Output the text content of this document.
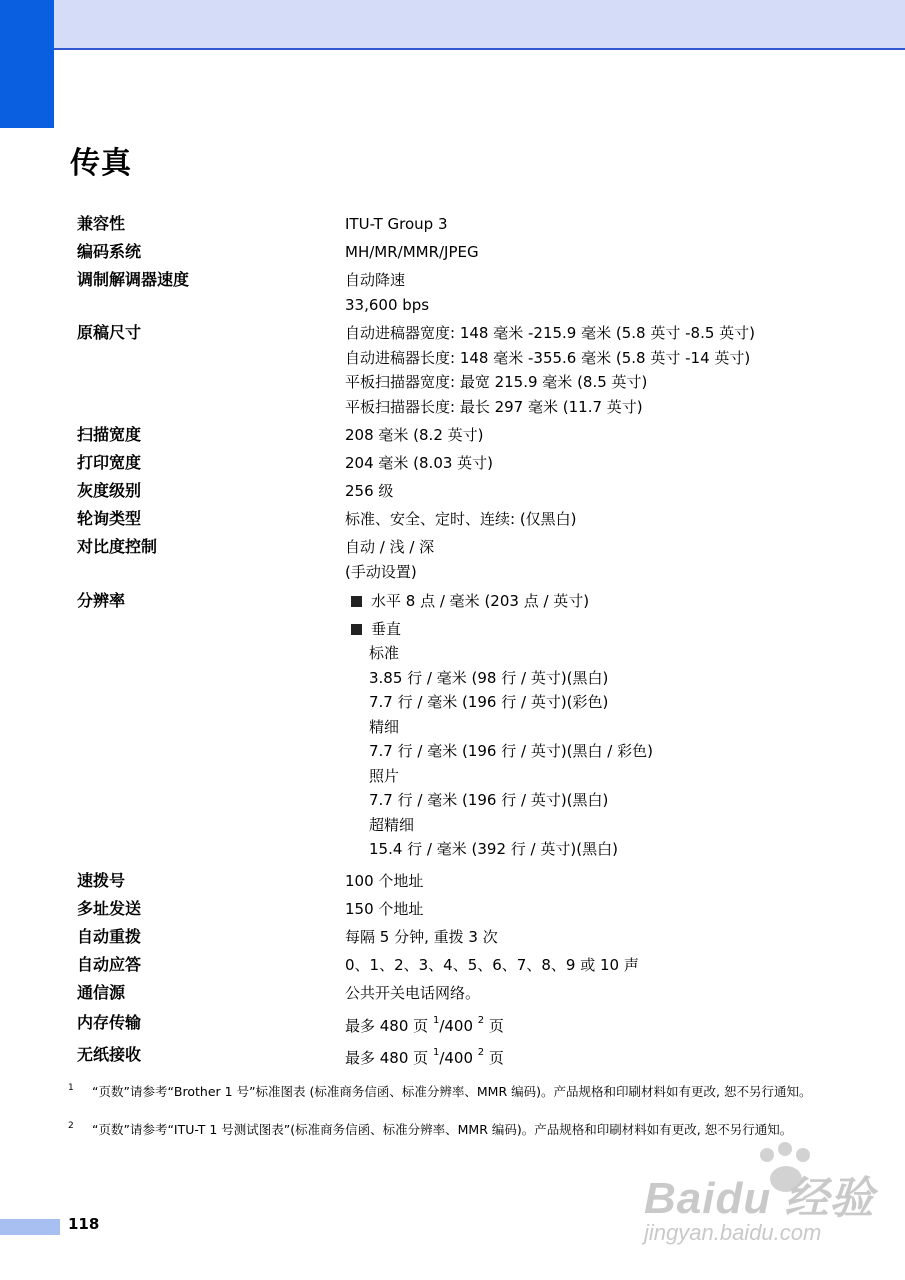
传真
兼容性	ITU-T Group 3
编码系统	MH/MR/MMR/JPEG
调制解调器速度	自动降速
33,600 bps
原稿尺寸	自动进稿器宽度: 148 毫米 -215.9 毫米 (5.8 英寸 -8.5 英寸)
自动进稿器长度: 148 毫米 -355.6 毫米 (5.8 英寸 -14 英寸)
平板扫描器宽度: 最宽 215.9 毫米 (8.5 英寸)
平板扫描器长度: 最长 297 毫米 (11.7 英寸)
扫描宽度	208 毫米 (8.2 英寸)
打印宽度	204 毫米 (8.03 英寸)
灰度级别	256 级
轮询类型	标准、安全、定时、连续: (仅黑白)
对比度控制	自动 / 浅 / 深
(手动设置)
分辨率	水平 8 点 / 毫米 (203 点 / 英寸)
垂直
标准
3.85 行 / 毫米 (98 行 / 英寸)(黑白)
7.7 行 / 毫米 (196 行 / 英寸)(彩色)
精细
7.7 行 / 毫米 (196 行 / 英寸)(黑白 / 彩色)
照片
7.7 行 / 毫米 (196 行 / 英寸)(黑白)
超精细
15.4 行 / 毫米 (392 行 / 英寸)(黑白)
速拨号	100 个地址
多址发送	150 个地址
自动重拨	每隔 5 分钟, 重拨 3 次
自动应答	0、1、2、3、4、5、6、7、8、9 或 10 声
通信源	公共开关电话网络。
内存传输	最多 480 页 $^1$/400 $^2$ 页
无纸接收	最多 480 页 $^1$/400 $^2$ 页
1 “页数”请参考“Brother 1 号”标准图表 (标准商务信函、标准分辨率、MMR 编码)。产品规格和印刷材料如有更改, 恕不另行通知。
2 “页数”请参考“ITU-T 1 号测试图表”(标准商务信函、标准分辨率、MMR 编码)。产品规格和印刷材料如有更改, 恕不另行通知。
118
Baidu 经验
jingyan.baidu.com
